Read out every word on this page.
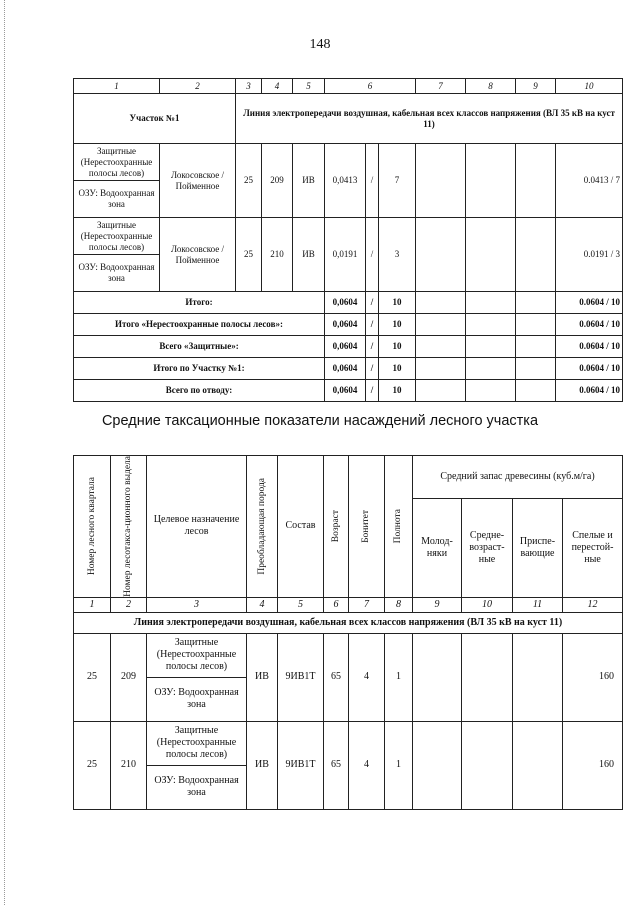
148
1	2	3	4	5	6			7	8	9	10
Участок №1		Линия электропередачи воздушная, кабельная всех классов напряжения (ВЛ 35 кВ на куст 11)									
Защитные (Нерестоохранные полосы лесов)	Локосовское / Пойменное	25	209	ИВ	0,0413	/	7				0.0413 / 7
ОЗУ: Водоохранная зона											
Защитные (Нерестоохранные полосы лесов)	Локосовское / Пойменное	25	210	ИВ	0,0191	/	3				0.0191 / 3
ОЗУ: Водоохранная зона											
Итого:					0,0604	/	10				0.0604 / 10
Итого «Нерестоохранные полосы лесов»:					0,0604	/	10				0.0604 / 10
Всего «Защитные»:					0,0604	/	10				0.0604 / 10
Итого по Участку №1:					0,0604	/	10				0.0604 / 10
Всего по отводу:					0,0604	/	10				0.0604 / 10
Средние таксационные показатели насаждений лесного участка
Номер лесного квартала	Номер лесотакса-ционного выдела	Целевое назначение лесов	Преобладающая порода	Состав	Возраст	Бонитет	Полнота	Средний запас древесины (куб.м/га)			
								Молод-няки	Средне-возраст-ные	Приспе-вающие	Спелые и перестой-ные
1	2	3	4	5	6	7	8	9	10	11	12
Линия электропередачи воздушная, кабельная всех классов напряжения (ВЛ 35 кВ на куст 11)											
25	209	Защитные (Нерестоохранные полосы лесов)	ИВ	9ИВ1Т	65	4	1				160
		ОЗУ: Водоохранная зона									
25	210	Защитные (Нерестоохранные полосы лесов)	ИВ	9ИВ1Т	65	4	1				160
		ОЗУ: Водоохранная зона									
